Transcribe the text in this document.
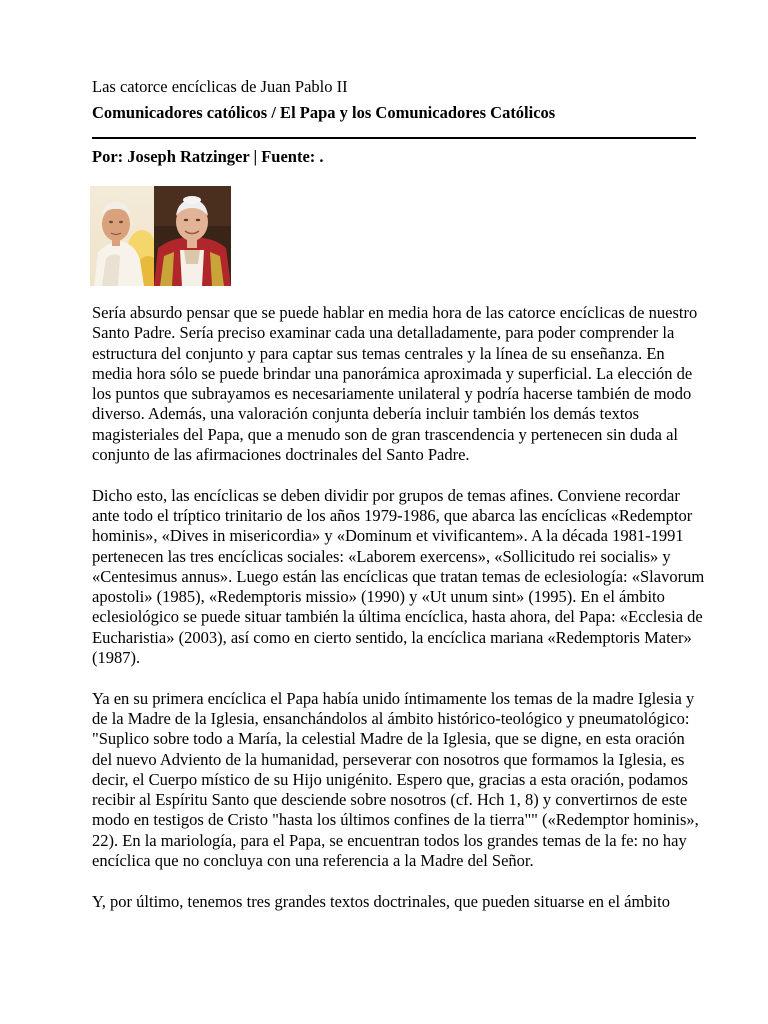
Las catorce encíclicas de Juan Pablo II
Comunicadores católicos / El Papa y los Comunicadores Católicos
Por: Joseph Ratzinger | Fuente: .

Sería absurdo pensar que se puede hablar en media hora de las catorce encíclicas de nuestro Santo Padre. Sería preciso examinar cada una detalladamente, para poder comprender la estructura del conjunto y para captar sus temas centrales y la línea de su enseñanza. En media hora sólo se puede brindar una panorámica aproximada y superficial. La elección de los puntos que subrayamos es necesariamente unilateral y podría hacerse también de modo diverso. Además, una valoración conjunta debería incluir también los demás textos magisteriales del Papa, que a menudo son de gran trascendencia y pertenecen sin duda al conjunto de las afirmaciones doctrinales del Santo Padre.

Dicho esto, las encíclicas se deben dividir por grupos de temas afines. Conviene recordar ante todo el tríptico trinitario de los años 1979-1986, que abarca las encíclicas «Redemptor hominis», «Dives in misericordia» y «Dominum et vivificantem». A la década 1981-1991 pertenecen las tres encíclicas sociales: «Laborem exercens», «Sollicitudo rei socialis» y «Centesimus annus». Luego están las encíclicas que tratan temas de eclesiología: «Slavorum apostoli» (1985), «Redemptoris missio» (1990) y «Ut unum sint» (1995). En el ámbito eclesiológico se puede situar también la última encíclica, hasta ahora, del Papa: «Ecclesia de Eucharistia» (2003), así como en cierto sentido, la encíclica mariana «Redemptoris Mater» (1987).

Ya en su primera encíclica el Papa había unido íntimamente los temas de la madre Iglesia y de la Madre de la Iglesia, ensanchándolos al ámbito histórico-teológico y pneumatológico: "Suplico sobre todo a María, la celestial Madre de la Iglesia, que se digne, en esta oración del nuevo Adviento de la humanidad, perseverar con nosotros que formamos la Iglesia, es decir, el Cuerpo místico de su Hijo unigénito. Espero que, gracias a esta oración, podamos recibir al Espíritu Santo que desciende sobre nosotros (cf. Hch 1, 8) y convertirnos de este modo en testigos de Cristo "hasta los últimos confines de la tierra"" («Redemptor hominis», 22). En la mariología, para el Papa, se encuentran todos los grandes temas de la fe: no hay encíclica que no concluya con una referencia a la Madre del Señor.

Y, por último, tenemos tres grandes textos doctrinales, que pueden situarse en el ámbito
